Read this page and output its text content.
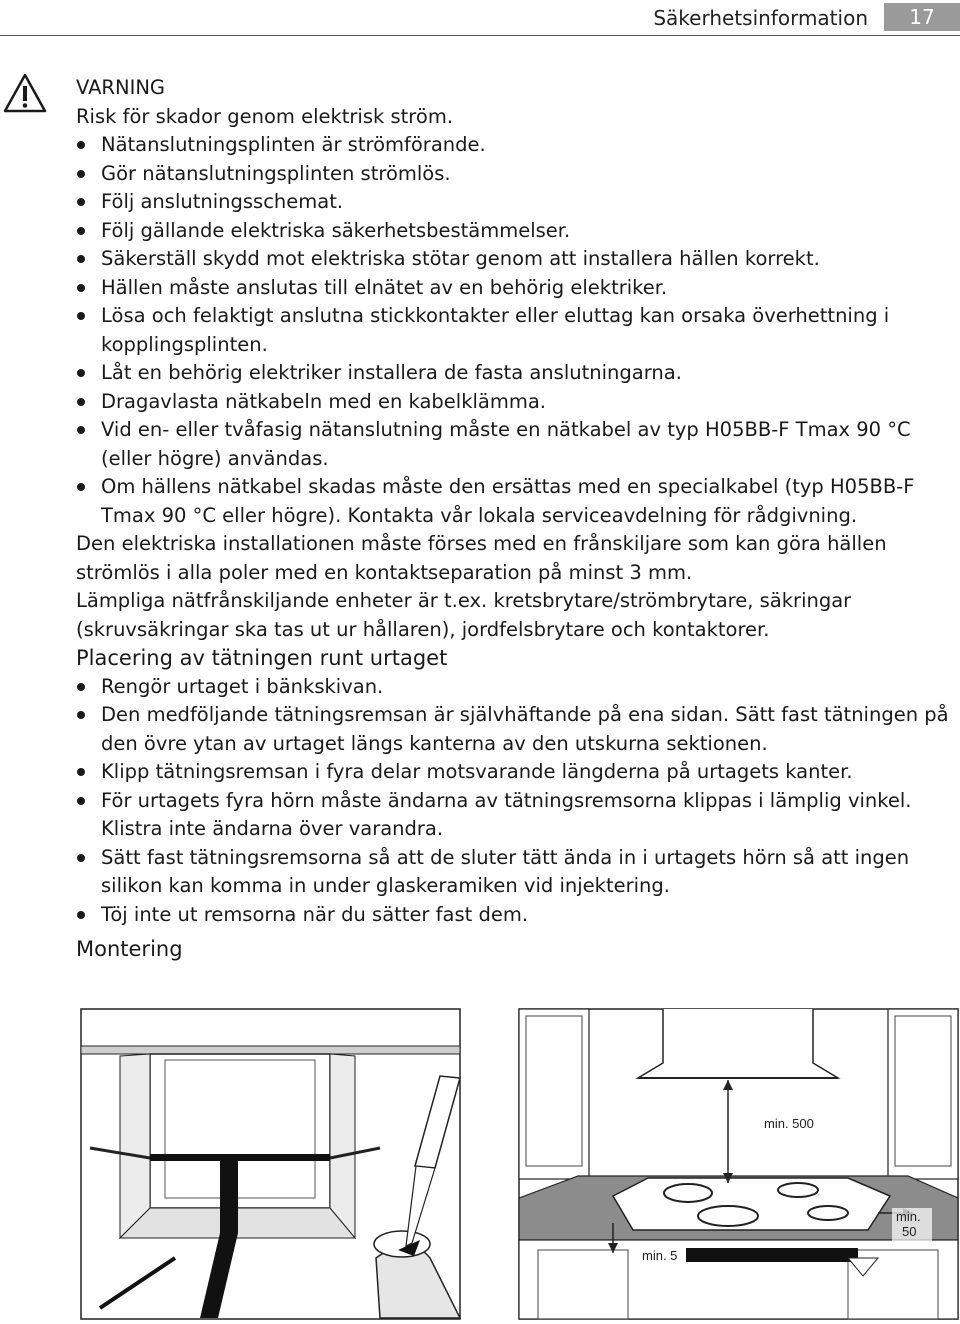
Säkerhetsinformation	17

VARNING

Risk för skador genom elektrisk ström.

Nätanslutningsplinten är strömförande.
Gör nätanslutningsplinten strömlös.
Följ anslutningsschemat.
Följ gällande elektriska säkerhetsbestämmelser.
Säkerställ skydd mot elektriska stötar genom att installera hällen korrekt.
Hällen måste anslutas till elnätet av en behörig elektriker.
Lösa och felaktigt anslutna stickkontakter eller eluttag kan orsaka överhettning i kopplingsplinten.
Låt en behörig elektriker installera de fasta anslutningarna.
Dragavlasta nätkabeln med en kabelklämma.
Vid en- eller tvåfasig nätanslutning måste en nätkabel av typ H05BB-F Tmax 90 °C (eller högre) användas.
Om hällens nätkabel skadas måste den ersättas med en specialkabel (typ H05BB-F Tmax 90 °C eller högre). Kontakta vår lokala serviceavdelning för rådgivning.

Den elektriska installationen måste förses med en frånskiljare som kan göra hällen strömlös i alla poler med en kontaktseparation på minst 3 mm.

Lämpliga nätfrånskiljande enheter är t.ex. kretsbrytare/strömbrytare, säkringar (skruvsäkringar ska tas ut ur hållaren), jordfelsbrytare och kontaktorer.

Placering av tätningen runt urtaget

Rengör urtaget i bänkskivan.
Den medföljande tätningsremsan är självhäftande på ena sidan. Sätt fast tätningen på den övre ytan av urtaget längs kanterna av den utskurna sektionen.
Klipp tätningsremsan i fyra delar motsvarande längderna på urtagets kanter.
För urtagets fyra hörn måste ändarna av tätningsremsorna klippas i lämplig vinkel. Klistra inte ändarna över varandra.
Sätt fast tätningsremsorna så att de sluter tätt ända in i urtagets hörn så att ingen silikon kan komma in under glaskeramiken vid injektering.
Töj inte ut remsorna när du sätter fast dem.

Montering

min. 500
min.
50
min. 5
